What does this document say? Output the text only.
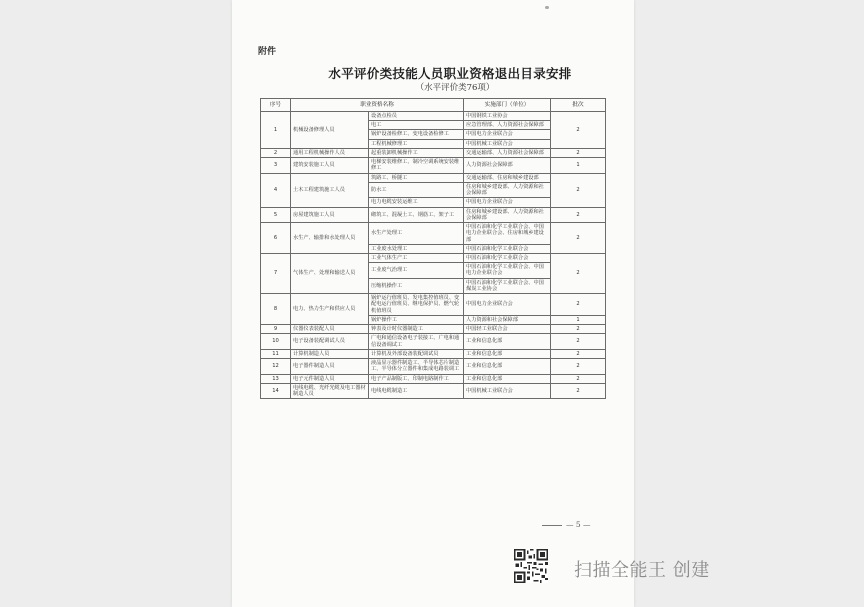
附件
水平评价类技能人员职业资格退出目录安排
（水平评价类76项）
序号	职业资格名称		实施部门（单位）	批次
1	机械设备修理人员	设备点检员	中国钢铁工业协会	2
		电工	应急管理部、人力资源社会保障部	
		锅炉设备检修工、变电设备检修工	中国电力企业联合会	
		工程机械修理工	中国机械工业联合会	
2	通用工程机械操作人员	起重装卸机械操作工	交通运输部、人力资源社会保障部	2
3	建筑安装施工人员	电梯安装维修工、制冷空调系统安装维修工	人力资源社会保障部	1
4	土木工程建筑施工人员	筑路工、桥隧工	交通运输部、住房和城乡建设部	2
		防水工	住房和城乡建设部、人力资源和社会保障部	
		电力电缆安装运维工	中国电力企业联合会	
5	房屋建筑施工人员	砌筑工、混凝土工、钢筋工、架子工	住房和城乡建设部、人力资源和社会保障部	2
6	水生产、输排和水处理人员	水生产处理工	中国石油和化学工业联合会、中国电力企业联合会、住房和城乡建设部	2
		工业废水处理工	中国石油和化学工业联合会	
7	气体生产、处理和输送人员	工业气体生产工	中国石油和化学工业联合会	2
		工业废气治理工	中国石油和化学工业联合会、中国电力企业联合会	
		压缩机操作工	中国石油和化学工业联合会、中国煤炭工业协会	
8	电力、热力生产和供应人员	锅炉运行值班员、发电集控值班员、变配电运行值班员、继电保护员、燃气轮机值班员	中国电力企业联合会	2
		锅炉操作工	人力资源和社会保障部	1
9	仪器仪表装配人员	钟表及计时仪器制造工	中国轻工业联合会	2
10	电子设备装配调试人员	广电和通信设备电子装接工、广电和通信设备调试工	工业和信息化部	2
11	计算机制造人员	计算机及外部设备装配调试员	工业和信息化部	2
12	电子器件制造人员	液晶显示器件制造工、半导体芯片制造工、半导体分立器件和集成电路装调工	工业和信息化部	2
13	电子元件制造人员	电子产品制版工、印制电路制作工	工业和信息化部	2
14	电线电缆、光纤光缆及电工器材制造人员	电线电缆制造工	中国机械工业联合会	2
— 5 —
扫描全能王 创建
